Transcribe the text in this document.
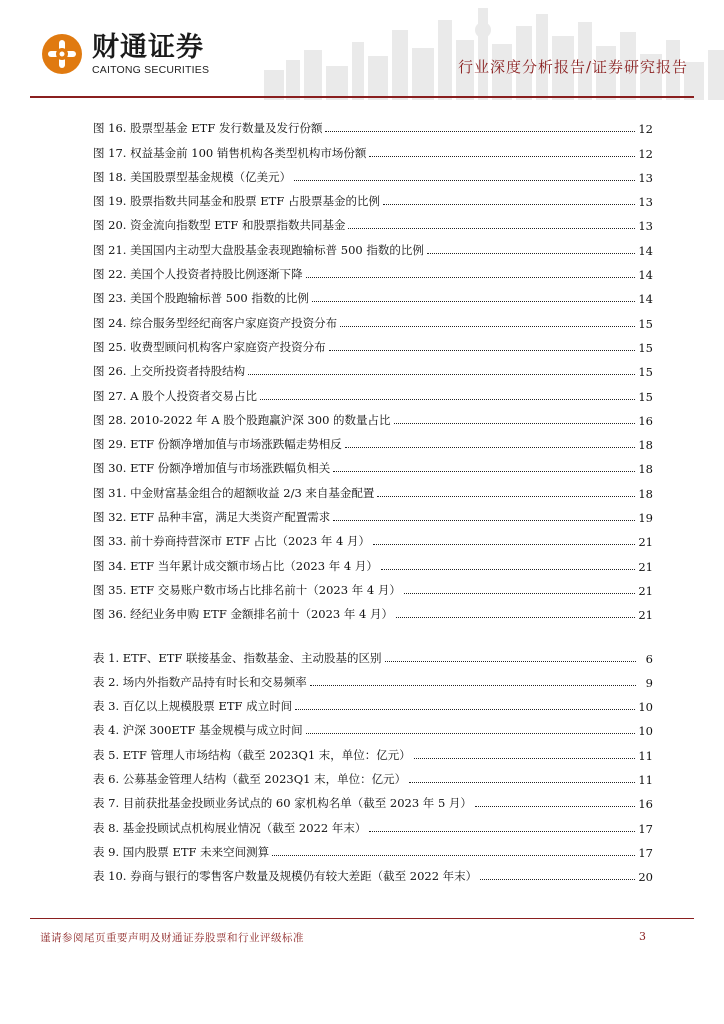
财通证券
CAITONG SECURITIES	行业深度分析报告/证券研究报告
图 16. 股票型基金 ETF 发行数量及发行份额	12
图 17. 权益基金前 100 销售机构各类型机构市场份额	12
图 18. 美国股票型基金规模（亿美元）	13
图 19. 股票指数共同基金和股票 ETF 占股票基金的比例	13
图 20. 资金流向指数型 ETF 和股票指数共同基金	13
图 21. 美国国内主动型大盘股基金表现跑输标普 500 指数的比例	14
图 22. 美国个人投资者持股比例逐渐下降	14
图 23. 美国个股跑输标普 500 指数的比例	14
图 24. 综合服务型经纪商客户家庭资产投资分布	15
图 25. 收费型顾问机构客户家庭资产投资分布	15
图 26. 上交所投资者持股结构	15
图 27. A 股个人投资者交易占比	15
图 28. 2010-2022 年 A 股个股跑赢沪深 300 的数量占比	16
图 29. ETF 份额净增加值与市场涨跌幅走势相反	18
图 30. ETF 份额净增加值与市场涨跌幅负相关	18
图 31. 中金财富基金组合的超额收益 2/3 来自基金配置	18
图 32. ETF 品种丰富，满足大类资产配置需求	19
图 33. 前十券商持营深市 ETF 占比（2023 年 4 月）	21
图 34. ETF 当年累计成交额市场占比（2023 年 4 月）	21
图 35. ETF 交易账户数市场占比排名前十（2023 年 4 月）	21
图 36. 经纪业务申购 ETF 金额排名前十（2023 年 4 月）	21
表 1. ETF、ETF 联接基金、指数基金、主动股基的区别	6
表 2. 场内外指数产品持有时长和交易频率	9
表 3. 百亿以上规模股票 ETF 成立时间	10
表 4. 沪深 300ETF 基金规模与成立时间	10
表 5. ETF 管理人市场结构（截至 2023Q1 末，单位：亿元）	11
表 6. 公募基金管理人结构（截至 2023Q1 末，单位：亿元）	11
表 7. 目前获批基金投顾业务试点的 60 家机构名单（截至 2023 年 5 月）	16
表 8. 基金投顾试点机构展业情况（截至 2022 年末）	17
表 9. 国内股票 ETF 未来空间测算	17
表 10. 券商与银行的零售客户数量及规模仍有较大差距（截至 2022 年末）	20
谨请参阅尾页重要声明及财通证券股票和行业评级标准	3
